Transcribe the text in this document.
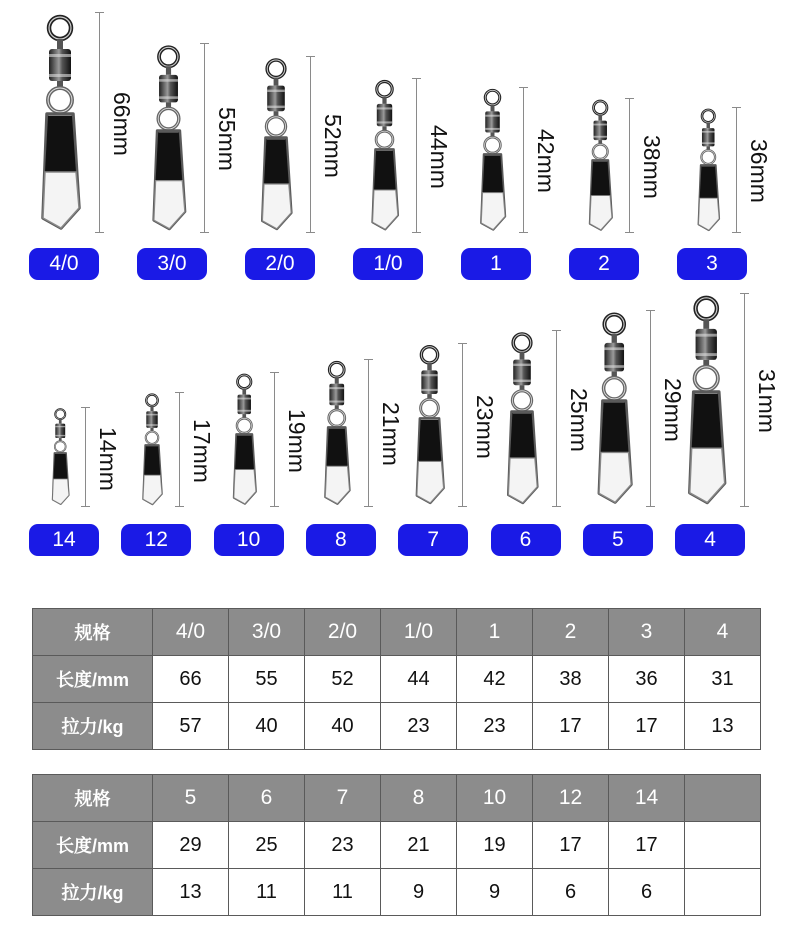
66mm
4/0
55mm
3/0
52mm
2/0
44mm
1/0
42mm
1
38mm
2
36mm
3
14mm
14
17mm
12
19mm
10
21mm
8
23mm
7
25mm
6
29mm
5
31mm
4
规格	4/0	3/0	2/0	1/0	1	2	3	4
长度/mm	66	55	52	44	42	38	36	31
拉力/kg	57	40	40	23	23	17	17	13
规格	5	6	7	8	10	12	14	
长度/mm	29	25	23	21	19	17	17	
拉力/kg	13	11	11	9	9	6	6	
